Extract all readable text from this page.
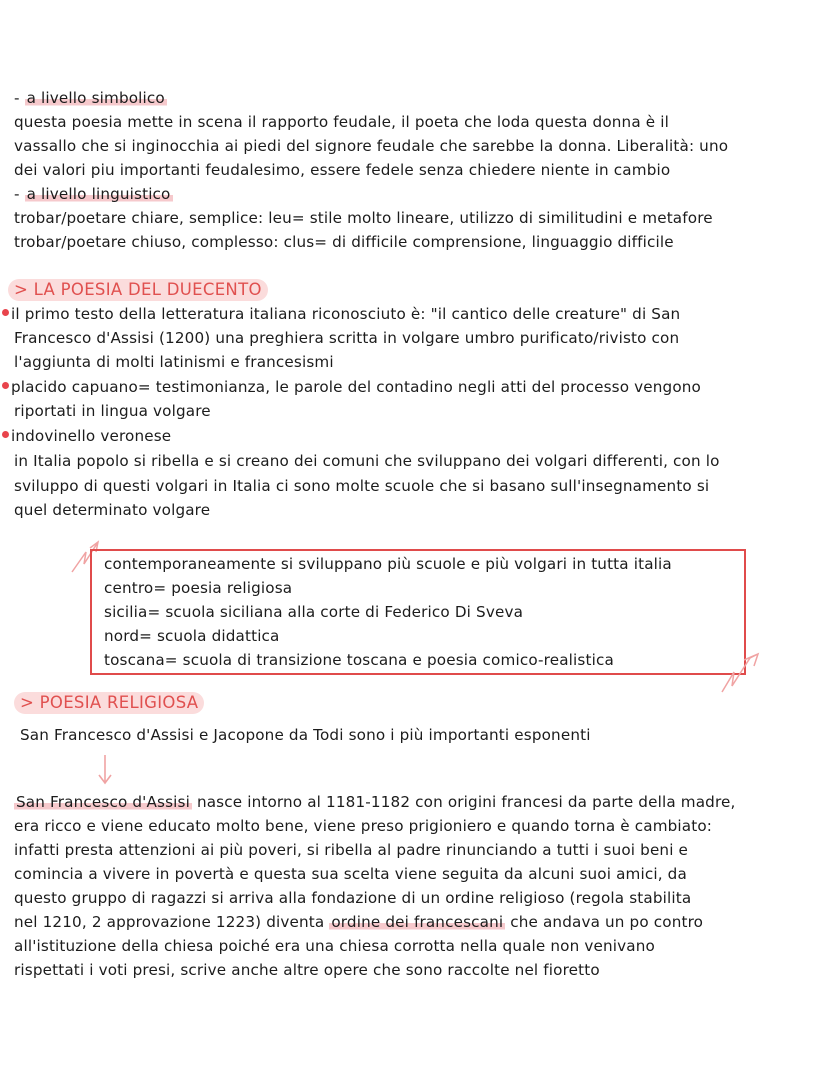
- a livello simbolico
questa poesia mette in scena il rapporto feudale, il poeta che loda questa donna è il
vassallo che si inginocchia ai piedi del signore feudale che sarebbe la donna. Liberalità: uno
dei valori piu importanti feudalesimo, essere fedele senza chiedere niente in cambio
- a livello linguistico
trobar/poetare chiare, semplice: leu= stile molto lineare, utilizzo di similitudini e metafore
trobar/poetare chiuso, complesso: clus= di difficile comprensione, linguaggio difficile
> LA POESIA DEL DUECENTO
il primo testo della letteratura italiana riconosciuto è: "il cantico delle creature" di San
Francesco d'Assisi (1200) una preghiera scritta in volgare umbro purificato/rivisto con
l'aggiunta di molti latinismi e francesismi
placido capuano= testimonianza, le parole del contadino negli atti del processo vengono
riportati in lingua volgare
indovinello veronese
in Italia popolo si ribella e si creano dei comuni che sviluppano dei volgari differenti, con lo
sviluppo di questi volgari in Italia ci sono molte scuole che si basano sull'insegnamento si
quel determinato volgare
contemporaneamente si sviluppano più scuole e più volgari in tutta italia
centro= poesia religiosa
sicilia= scuola siciliana alla corte di Federico Di Sveva
nord= scuola didattica
toscana= scuola di transizione toscana e poesia comico-realistica
> POESIA RELIGIOSA
San Francesco d'Assisi e Jacopone da Todi sono i più importanti esponenti
San Francesco d'Assisi nasce intorno al 1181-1182 con origini francesi da parte della madre,
era ricco e viene educato molto bene, viene preso prigioniero e quando torna è cambiato:
infatti presta attenzioni ai più poveri, si ribella al padre rinunciando a tutti i suoi beni e
comincia a vivere in povertà e questa sua scelta viene seguita da alcuni suoi amici, da
questo gruppo di ragazzi si arriva alla fondazione di un ordine religioso (regola stabilita
nel 1210, 2 approvazione 1223) diventa ordine dei francescani che andava un po contro
all'istituzione della chiesa poiché era una chiesa corrotta nella quale non venivano
rispettati i voti presi, scrive anche altre opere che sono raccolte nel fioretto
